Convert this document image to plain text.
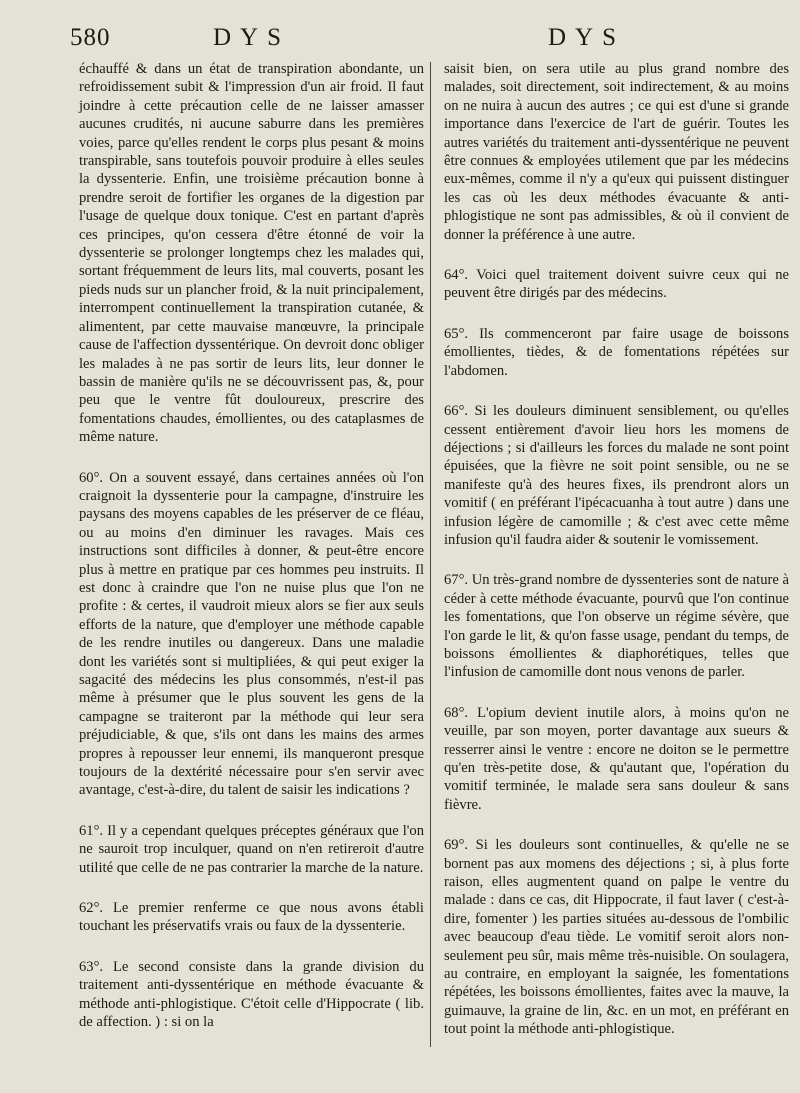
580	DYS	DYS

échauffé & dans un état de transpiration abondante, un refroidissement subit & l'impression d'un air froid. Il faut joindre à cette précaution celle de ne laisser amasser aucunes crudités, ni aucune saburre dans les premières voies, parce qu'elles rendent le corps plus pesant & moins transpirable, sans toutefois pouvoir produire à elles seules la dyssenterie. Enfin, une troisième précaution bonne à prendre seroit de fortifier les organes de la digestion par l'usage de quelque doux tonique. C'est en partant d'après ces principes, qu'on cessera d'être étonné de voir la dyssenterie se prolonger longtemps chez les malades qui, sortant fréquemment de leurs lits, mal couverts, posant les pieds nuds sur un plancher froid, & la nuit principalement, interrompent continuellement la transpiration cutanée, & alimentent, par cette mauvaise manœuvre, la principale cause de l'affection dyssentérique. On devroit donc obliger les malades à ne pas sortir de leurs lits, leur donner le bassin de manière qu'ils ne se découvrissent pas, &, pour peu que le ventre fût douloureux, prescrire des fomentations chaudes, émollientes, ou des cataplasmes de même nature.

60°. On a souvent essayé, dans certaines années où l'on craignoit la dyssenterie pour la campagne, d'instruire les paysans des moyens capables de les préserver de ce fléau, ou au moins d'en diminuer les ravages. Mais ces instructions sont difficiles à donner, & peut-être encore plus à mettre en pratique par ces hommes peu instruits. Il est donc à craindre que l'on ne nuise plus que l'on ne profite : & certes, il vaudroit mieux alors se fier aux seuls efforts de la nature, que d'employer une méthode capable de les rendre inutiles ou dangereux. Dans une maladie dont les variétés sont si multipliées, & qui peut exiger la sagacité des médecins les plus consommés, n'est-il pas même à présumer que le plus souvent les gens de la campagne se traiteront par la méthode qui leur sera préjudiciable, & que, s'ils ont dans les mains des armes propres à repousser leur ennemi, ils manqueront presque toujours de la dextérité nécessaire pour s'en servir avec avantage, c'est-à-dire, du talent de saisir les indications ?

61°. Il y a cependant quelques préceptes généraux que l'on ne sauroit trop inculquer, quand on n'en retireroit d'autre utilité que celle de ne pas contrarier la marche de la nature.

62°. Le premier renferme ce que nous avons établi touchant les préservatifs vrais ou faux de la dyssenterie.

63°. Le second consiste dans la grande division du traitement anti-dyssentérique en méthode évacuante & méthode anti-phlogistique. C'étoit celle d'Hippocrate ( lib. de affection. ) : si on la

saisit bien, on sera utile au plus grand nombre des malades, soit directement, soit indirectement, & au moins on ne nuira à aucun des autres ; ce qui est d'une si grande importance dans l'exercice de l'art de guérir. Toutes les autres variétés du traitement anti-dyssentérique ne peuvent être connues & employées utilement que par les médecins eux-mêmes, comme il n'y a qu'eux qui puissent distinguer les cas où les deux méthodes évacuante & anti-phlogistique ne sont pas admissibles, & où il convient de donner la préférence à une autre.

64°. Voici quel traitement doivent suivre ceux qui ne peuvent être dirigés par des médecins.

65°. Ils commenceront par faire usage de boissons émollientes, tièdes, & de fomentations répétées sur l'abdomen.

66°. Si les douleurs diminuent sensiblement, ou qu'elles cessent entièrement d'avoir lieu hors les momens de déjections ; si d'ailleurs les forces du malade ne sont point épuisées, que la fièvre ne soit point sensible, ou ne se manifeste qu'à des heures fixes, ils prendront alors un vomitif ( en préférant l'ipécacuanha à tout autre ) dans une infusion légère de camomille ; & c'est avec cette même infusion qu'il faudra aider & soutenir le vomissement.

67°. Un très-grand nombre de dyssenteries sont de nature à céder à cette méthode évacuante, pourvû que l'on continue les fomentations, que l'on observe un régime sévère, que l'on garde le lit, & qu'on fasse usage, pendant du temps, de boissons émollientes & diaphorétiques, telles que l'infusion de camomille dont nous venons de parler.

68°. L'opium devient inutile alors, à moins qu'on ne veuille, par son moyen, porter davantage aux sueurs & resserrer ainsi le ventre : encore ne doiton se le permettre qu'en très-petite dose, & qu'autant que, l'opération du vomitif terminée, le malade sera sans douleur & sans fièvre.

69°. Si les douleurs sont continuelles, & qu'elle ne se bornent pas aux momens des déjections ; si, à plus forte raison, elles augmentent quand on palpe le ventre du malade : dans ce cas, dit Hippocrate, il faut laver ( c'est-à-dire, fomenter ) les parties situées au-dessous de l'ombilic avec beaucoup d'eau tiède. Le vomitif seroit alors non-seulement peu sûr, mais même très-nuisible. On soulagera, au contraire, en employant la saignée, les fomentations répétées, les boissons émollientes, faites avec la mauve, la guimauve, la graine de lin, &c. en un mot, en préférant en tout point la méthode anti-phlogistique.
